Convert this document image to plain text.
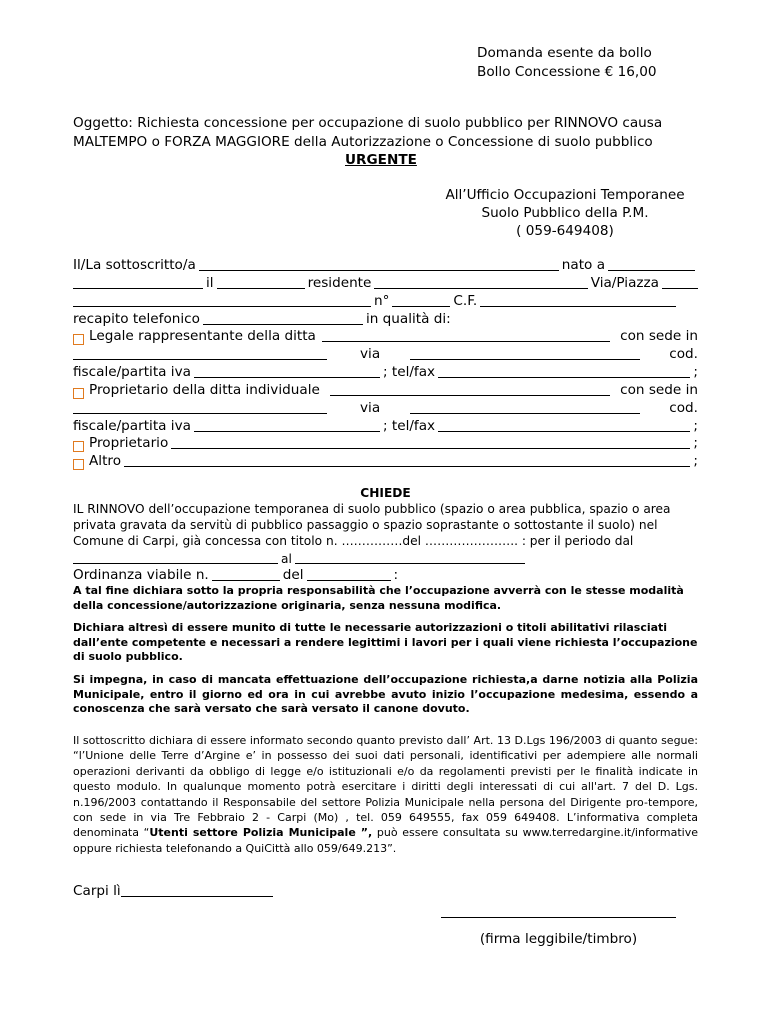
Domanda esente da bollo
Bollo Concessione € 16,00
Oggetto: Richiesta concessione per occupazione di suolo pubblico per RINNOVO causa
MALTEMPO o FORZA MAGGIORE della Autorizzazione o Concessione di suolo pubblico
URGENTE
All’Ufficio Occupazioni Temporanee
Suolo Pubblico della P.M.
( 059-649408)
Il/La sottoscritto/a	nato a
il	residente	Via/Piazza
n°	C.F.
recapito telefonico	in qualità di:
Legale rappresentante della ditta	con sede in
via	cod.
fiscale/partita iva	; tel/fax	;
Proprietario della ditta individuale	con sede in
via	cod.
fiscale/partita iva	; tel/fax	;
Proprietario	;
Altro	;
CHIEDE
IL RINNOVO dell’occupazione temporanea di suolo pubblico (spazio o area pubblica, spazio o area
privata gravata da servitù di pubblico passaggio o spazio soprastante o sottostante il suolo) nel
Comune di Carpi, già concessa con titolo n. ……………del ………………….. : per il periodo dal
al
Ordinanza viabile n.	del	:
A tal fine dichiara sotto la propria responsabilità che l’occupazione avverrà con le stesse modalità della concessione/autorizzazione originaria, senza nessuna modifica.
Dichiara altresì di essere munito di tutte le necessarie autorizzazioni o titoli abilitativi rilasciati dall’ente competente e necessari a rendere legittimi i lavori per i quali viene richiesta l’occupazione di suolo pubblico.
Si impegna, in caso di mancata effettuazione dell’occupazione richiesta,a darne notizia alla Polizia Municipale, entro il giorno ed ora in cui avrebbe avuto inizio l’occupazione medesima, essendo a conoscenza che sarà versato che sarà versato il canone dovuto.
Il sottoscritto dichiara di essere informato secondo quanto previsto dall’ Art. 13 D.Lgs 196/2003 di quanto segue: “l’Unione delle Terre d’Argine e’ in possesso dei suoi dati personali, identificativi per adempiere alle normali operazioni derivanti da obbligo di legge e/o istituzionali e/o da regolamenti previsti per le finalità indicate in questo modulo. In qualunque momento potrà esercitare i diritti degli interessati di cui all'art. 7 del D. Lgs. n.196/2003 contattando il Responsabile del settore Polizia Municipale nella persona del Dirigente pro-tempore, con sede in via Tre Febbraio 2 - Carpi (Mo) , tel. 059 649555, fax 059 649408. L’informativa completa denominata “Utenti settore Polizia Municipale ”, può essere consultata su www.terredargine.it/informative oppure richiesta telefonando a QuiCittà allo 059/649.213”.
Carpi lì
(firma leggibile/timbro)
